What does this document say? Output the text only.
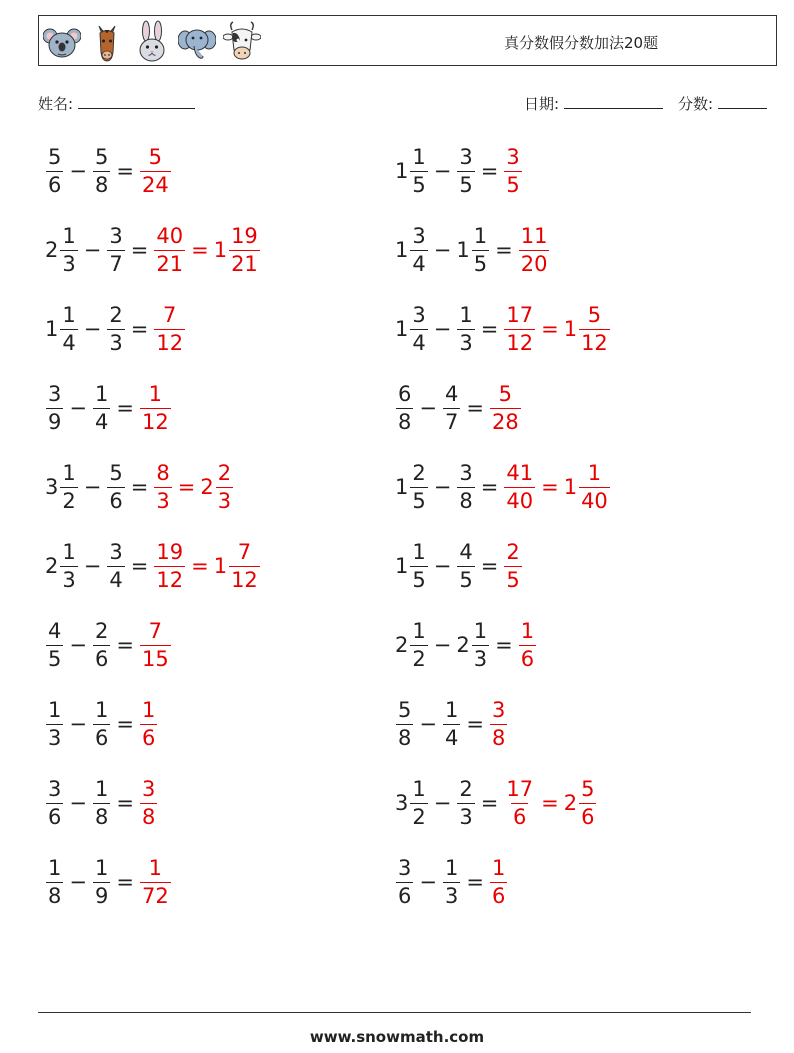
真分数假分数加法20题
姓名:	日期:	分数:
$\frac{5}{6} - \frac{5}{8} = \frac{5}{24}$	$1 \frac{1}{5} - \frac{3}{5} = \frac{3}{5}$
$2 \frac{1}{3} - \frac{3}{7} = \frac{40}{21} = 1 \frac{19}{21}$	$1 \frac{3}{4} - 1 \frac{1}{5} = \frac{11}{20}$
$1 \frac{1}{4} - \frac{2}{3} = \frac{7}{12}$	$1 \frac{3}{4} - \frac{1}{3} = \frac{17}{12} = 1 \frac{5}{12}$
$\frac{3}{9} - \frac{1}{4} = \frac{1}{12}$	$\frac{6}{8} - \frac{4}{7} = \frac{5}{28}$
$3 \frac{1}{2} - \frac{5}{6} = \frac{8}{3} = 2 \frac{2}{3}$	$1 \frac{2}{5} - \frac{3}{8} = \frac{41}{40} = 1 \frac{1}{40}$
$2 \frac{1}{3} - \frac{3}{4} = \frac{19}{12} = 1 \frac{7}{12}$	$1 \frac{1}{5} - \frac{4}{5} = \frac{2}{5}$
$\frac{4}{5} - \frac{2}{6} = \frac{7}{15}$	$2 \frac{1}{2} - 2 \frac{1}{3} = \frac{1}{6}$
$\frac{1}{3} - \frac{1}{6} = \frac{1}{6}$	$\frac{5}{8} - \frac{1}{4} = \frac{3}{8}$
$\frac{3}{6} - \frac{1}{8} = \frac{3}{8}$	$3 \frac{1}{2} - \frac{2}{3} = \frac{17}{6} = 2 \frac{5}{6}$
$\frac{1}{8} - \frac{1}{9} = \frac{1}{72}$	$\frac{3}{6} - \frac{1}{3} = \frac{1}{6}$
www.snowmath.com
